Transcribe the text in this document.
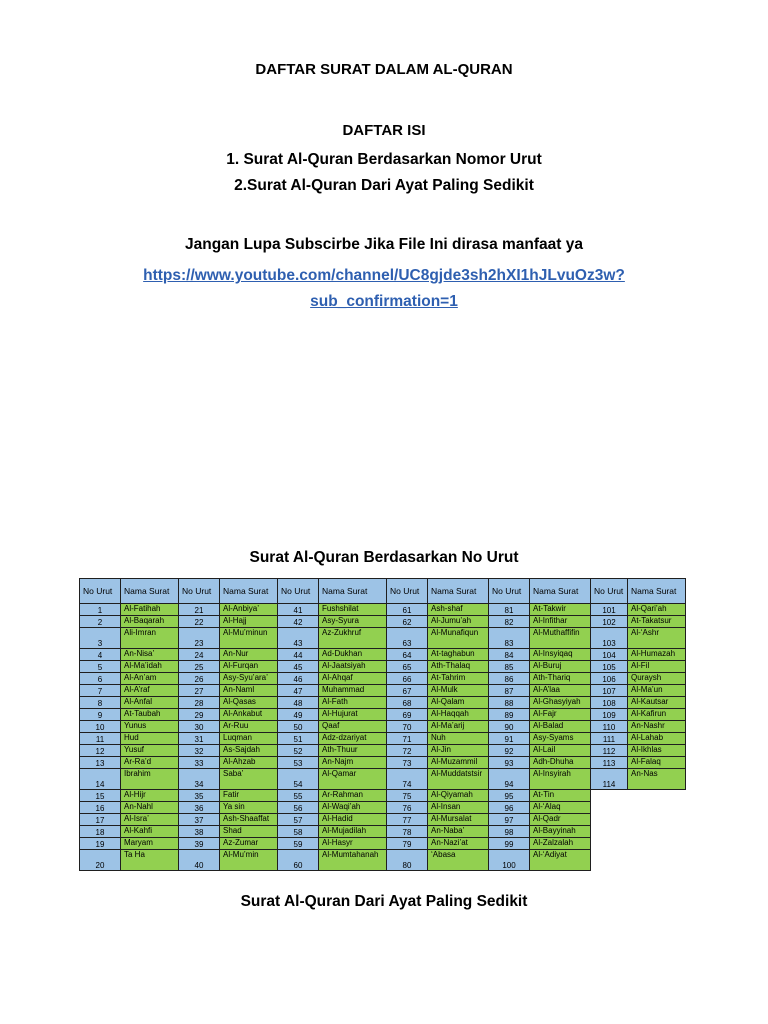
DAFTAR SURAT DALAM AL-QURAN
DAFTAR ISI
1. Surat Al-Quran Berdasarkan Nomor Urut
2.Surat Al-Quran Dari Ayat Paling Sedikit
Jangan Lupa Subscirbe Jika File Ini dirasa manfaat ya
https://www.youtube.com/channel/UC8gjde3sh2hXI1hJLvuOz3w?
sub_confirmation=1
Surat Al-Quran Berdasarkan No Urut
No Urut	Nama Surat	No Urut	Nama Surat	No Urut	Nama Surat	No Urut	Nama Surat	No Urut	Nama Surat	No Urut	Nama Surat
1	Al-Fatihah	21	Al-Anbiya’	41	Fushshilat	61	Ash-shaf	81	At-Takwir	101	Al-Qari’ah
2	Al-Baqarah	22	Al-Hajj	42	Asy-Syura	62	Al-Jumu’ah	82	Al-Infithar	102	At-Takatsur
3	Ali-Imran	23	Al-Mu’minun	43	Az-Zukhruf	63	Al-Munafiqun	83	Al-Muthaffifin	103	Al-‘Ashr
4	An-Nisa’	24	An-Nur	44	Ad-Dukhan	64	At-taghabun	84	Al-Insyiqaq	104	Al-Humazah
5	Al-Ma’idah	25	Al-Furqan	45	Al-Jaatsiyah	65	Ath-Thalaq	85	Al-Buruj	105	Al-Fil
6	Al-An’am	26	Asy-Syu’ara’	46	Al-Ahqaf	66	At-Tahrim	86	Ath-Thariq	106	Quraysh
7	Al-A’raf	27	An-Naml	47	Muhammad	67	Al-Mulk	87	Al-A’laa	107	Al-Ma’un
8	Al-Anfal	28	Al-Qasas	48	Al-Fath	68	Al-Qalam	88	Al-Ghasyiyah	108	Al-Kautsar
9	At-Taubah	29	Al-Ankabut	49	Al-Hujurat	69	Al-Haqqah	89	Al-Fajr	109	Al-Kafirun
10	Yunus	30	Ar-Ruu	50	Qaaf	70	Al-Ma’arij	90	Al-Balad	110	An-Nashr
11	Hud	31	Luqman	51	Adz-dzariyat	71	Nuh	91	Asy-Syams	111	Al-Lahab
12	Yusuf	32	As-Sajdah	52	Ath-Thuur	72	Al-Jin	92	Al-Lail	112	Al-Ikhlas
13	Ar-Ra’d	33	Al-Ahzab	53	An-Najm	73	Al-Muzammil	93	Adh-Dhuha	113	Al-Falaq
14	Ibrahim	34	Saba’	54	Al-Qamar	74	Al-Muddatstsir	94	Al-Insyirah	114	An-Nas
15	Al-Hijr	35	Fatir	55	Ar-Rahman	75	Al-Qiyamah	95	At-Tin		
16	An-Nahl	36	Ya sin	56	Al-Waqi’ah	76	Al-Insan	96	Al-‘Alaq		
17	Al-Isra’	37	Ash-Shaaffat	57	Al-Hadid	77	Al-Mursalat	97	Al-Qadr		
18	Al-Kahfi	38	Shad	58	Al-Mujadilah	78	An-Naba’	98	Al-Bayyinah		
19	Maryam	39	Az-Zumar	59	Al-Hasyr	79	An-Nazi’at	99	Al-Zalzalah		
20	Ta Ha	40	Al-Mu’min	60	Al-Mumtahanah	80	‘Abasa	100	Al-‘Adiyat		
Surat Al-Quran Dari Ayat Paling Sedikit
